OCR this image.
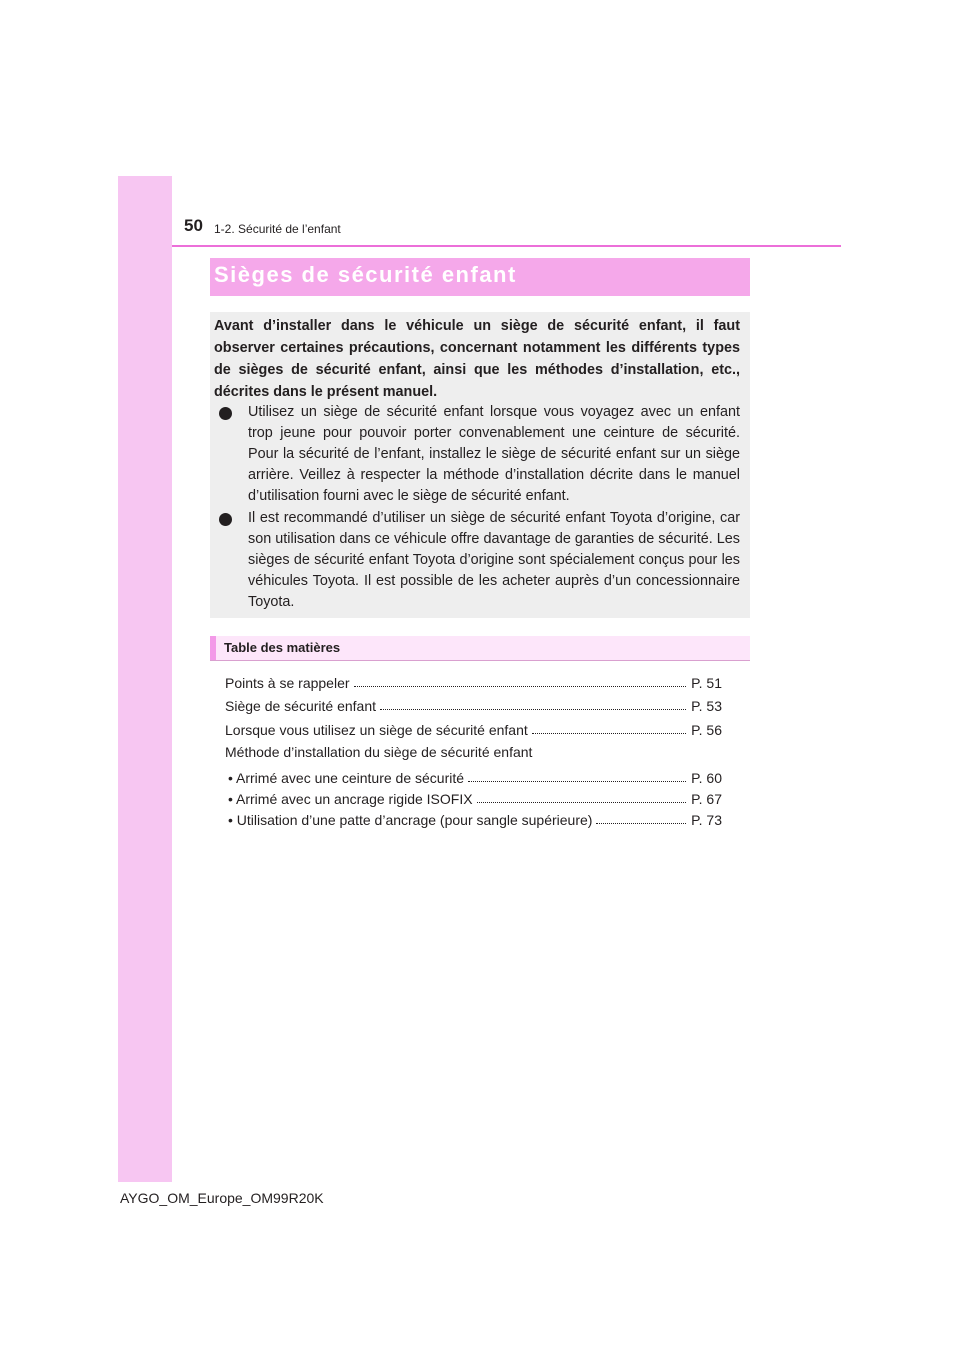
50 1-2. Sécurité de l’enfant
Sièges de sécurité enfant
Avant d’installer dans le véhicule un siège de sécurité enfant, il faut observer certaines précautions, concernant notamment les différents types de sièges de sécurité enfant, ainsi que les méthodes d’installation, etc., décrites dans le présent manuel.
Utilisez un siège de sécurité enfant lorsque vous voyagez avec un enfant trop jeune pour pouvoir porter convenablement une ceinture de sécurité. Pour la sécurité de l’enfant, installez le siège de sécurité enfant sur un siège arrière. Veillez à respecter la méthode d’installation décrite dans le manuel d’utilisation fourni avec le siège de sécurité enfant.
Il est recommandé d’utiliser un siège de sécurité enfant Toyota d’origine, car son utilisation dans ce véhicule offre davantage de garanties de sécurité. Les sièges de sécurité enfant Toyota d’origine sont spécialement conçus pour les véhicules Toyota. Il est possible de les acheter auprès d’un concessionnaire Toyota.
Table des matières
Points à se rappeler	P. 51
Siège de sécurité enfant	P. 53
Lorsque vous utilisez un siège de sécurité enfant	P. 56
Méthode d’installation du siège de sécurité enfant
• Arrimé avec une ceinture de sécurité	P. 60
• Arrimé avec un ancrage rigide ISOFIX	P. 67
• Utilisation d’une patte d’ancrage (pour sangle supérieure)	P. 73
AYGO_OM_Europe_OM99R20K
